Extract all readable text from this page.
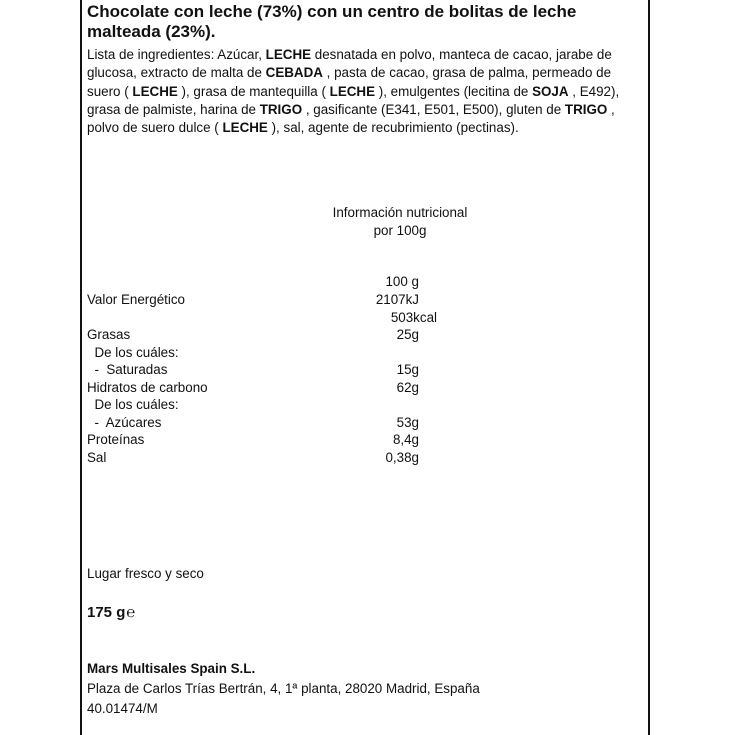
Chocolate con leche (73%) con un centro de bolitas de leche malteada (23%).
Lista de ingredientes: Azúcar, LECHE desnatada en polvo, manteca de cacao, jarabe de glucosa, extracto de malta de CEBADA , pasta de cacao, grasa de palma, permeado de suero ( LECHE ), grasa de mantequilla ( LECHE ), emulgentes (lecitina de SOJA , E492), grasa de palmiste, harina de TRIGO , gasificante (E341, E501, E500), gluten de TRIGO , polvo de suero dulce ( LECHE ), sal, agente de recubrimiento (pectinas).
Información nutricional
por 100g
100 g
Valor Energético	2107kJ
503kcal
Grasas	25g
De los cuáles:
-  Saturadas	15g
Hidratos de carbono	62g
De los cuáles:
-  Azúcares	53g
Proteínas	8,4g
Sal	0,38g
Lugar fresco y seco
175 g℮
Mars Multisales Spain S.L.
Plaza de Carlos Trías Bertrán, 4, 1ª planta, 28020 Madrid, España
40.01474/M
